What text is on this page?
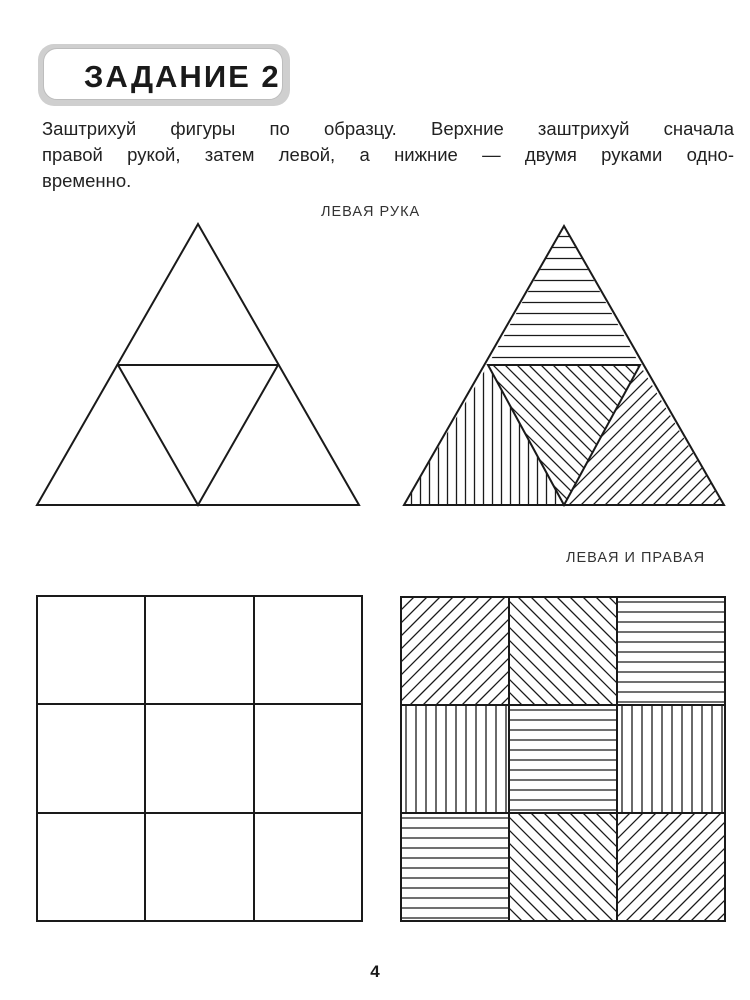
ЗАДАНИЕ 2
Заштрихуй фигуры по образцу. Верхние заштрихуй сначала
правой рукой, затем левой, а нижние — двумя руками одно-
временно.
ЛЕВАЯ РУКА
ЛЕВАЯ И ПРАВАЯ
4
